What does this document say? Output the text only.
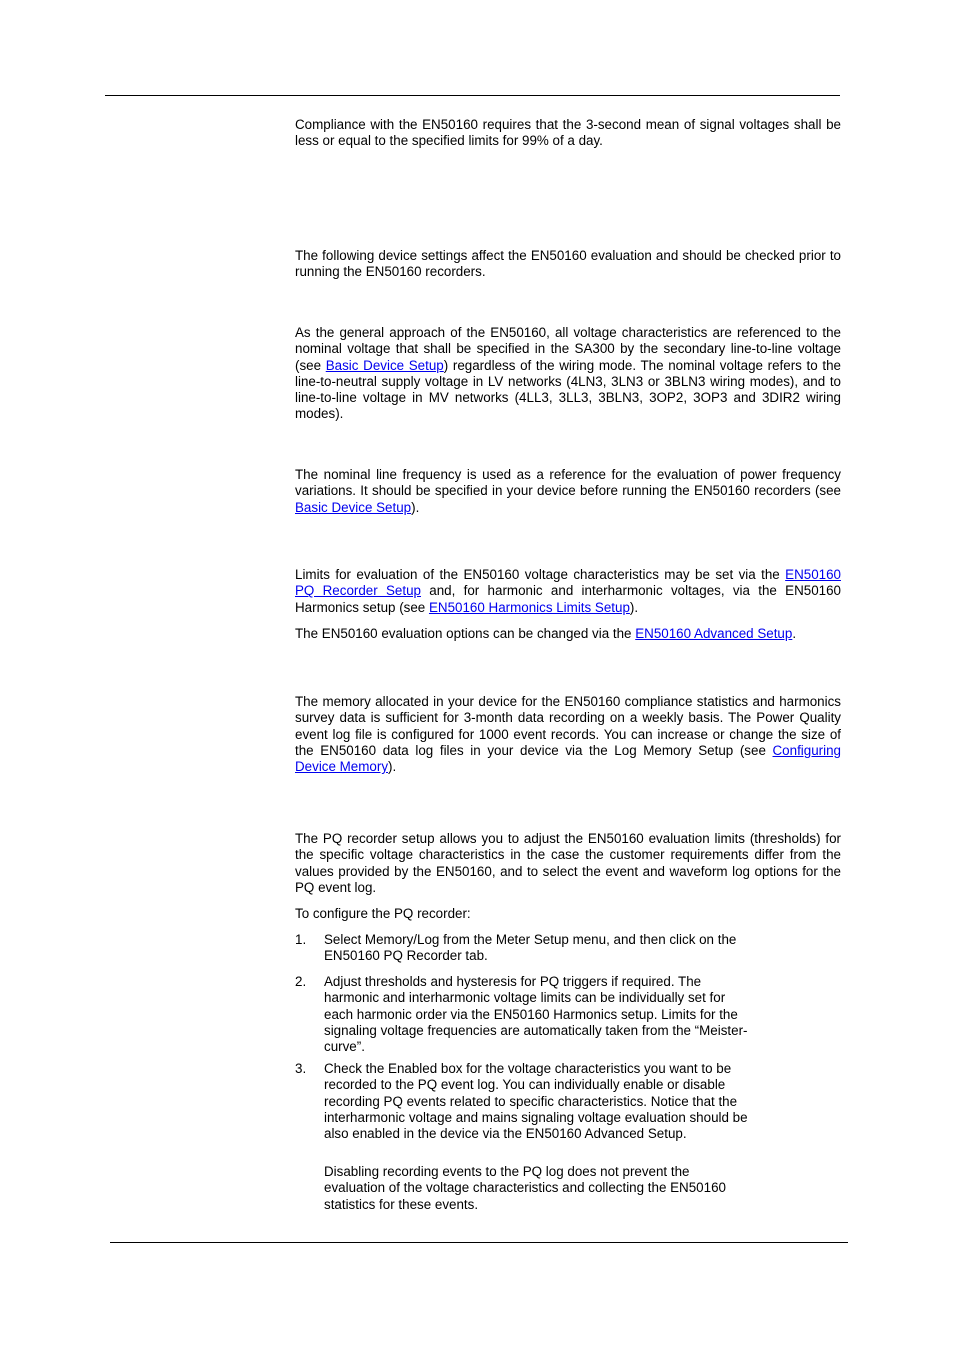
Compliance with the EN50160 requires that the 3-second mean of signal voltages shall be less or equal to the specified limits for 99% of a day.

The following device settings affect the EN50160 evaluation and should be checked prior to running the EN50160 recorders.

As the general approach of the EN50160, all voltage characteristics are referenced to the nominal voltage that shall be specified in the SA300 by the secondary line-to-line voltage (see Basic Device Setup) regardless of the wiring mode. The nominal voltage refers to the line-to-neutral supply voltage in LV networks (4LN3, 3LN3 or 3BLN3 wiring modes), and to line-to-line voltage in MV networks (4LL3, 3LL3, 3BLN3, 3OP2, 3OP3 and 3DIR2 wiring modes).

The nominal line frequency is used as a reference for the evaluation of power frequency variations. It should be specified in your device before running the EN50160 recorders (see Basic Device Setup).

Limits for evaluation of the EN50160 voltage characteristics may be set via the EN50160 PQ Recorder Setup and, for harmonic and interharmonic voltages, via the EN50160 Harmonics setup (see EN50160 Harmonics Limits Setup).

The EN50160 evaluation options can be changed via the EN50160 Advanced Setup.

The memory allocated in your device for the EN50160 compliance statistics and harmonics survey data is sufficient for 3-month data recording on a weekly basis. The Power Quality event log file is configured for 1000 event records. You can increase or change the size of the EN50160 data log files in your device via the Log Memory Setup (see Configuring Device Memory).

The PQ recorder setup allows you to adjust the EN50160 evaluation limits (thresholds) for the specific voltage characteristics in the case the customer requirements differ from the values provided by the EN50160, and to select the event and waveform log options for the PQ event log.

To configure the PQ recorder:

1. Select Memory/Log from the Meter Setup menu, and then click on the EN50160 PQ Recorder tab.
2. Adjust thresholds and hysteresis for PQ triggers if required. The harmonic and interharmonic voltage limits can be individually set for each harmonic order via the EN50160 Harmonics setup. Limits for the signaling voltage frequencies are automatically taken from the “Meister-curve”.
3. Check the Enabled box for the voltage characteristics you want to be recorded to the PQ event log. You can individually enable or disable recording PQ events related to specific characteristics. Notice that the interharmonic voltage and mains signaling voltage evaluation should be also enabled in the device via the EN50160 Advanced Setup.

Disabling recording events to the PQ log does not prevent the evaluation of the voltage characteristics and collecting the EN50160 statistics for these events.
